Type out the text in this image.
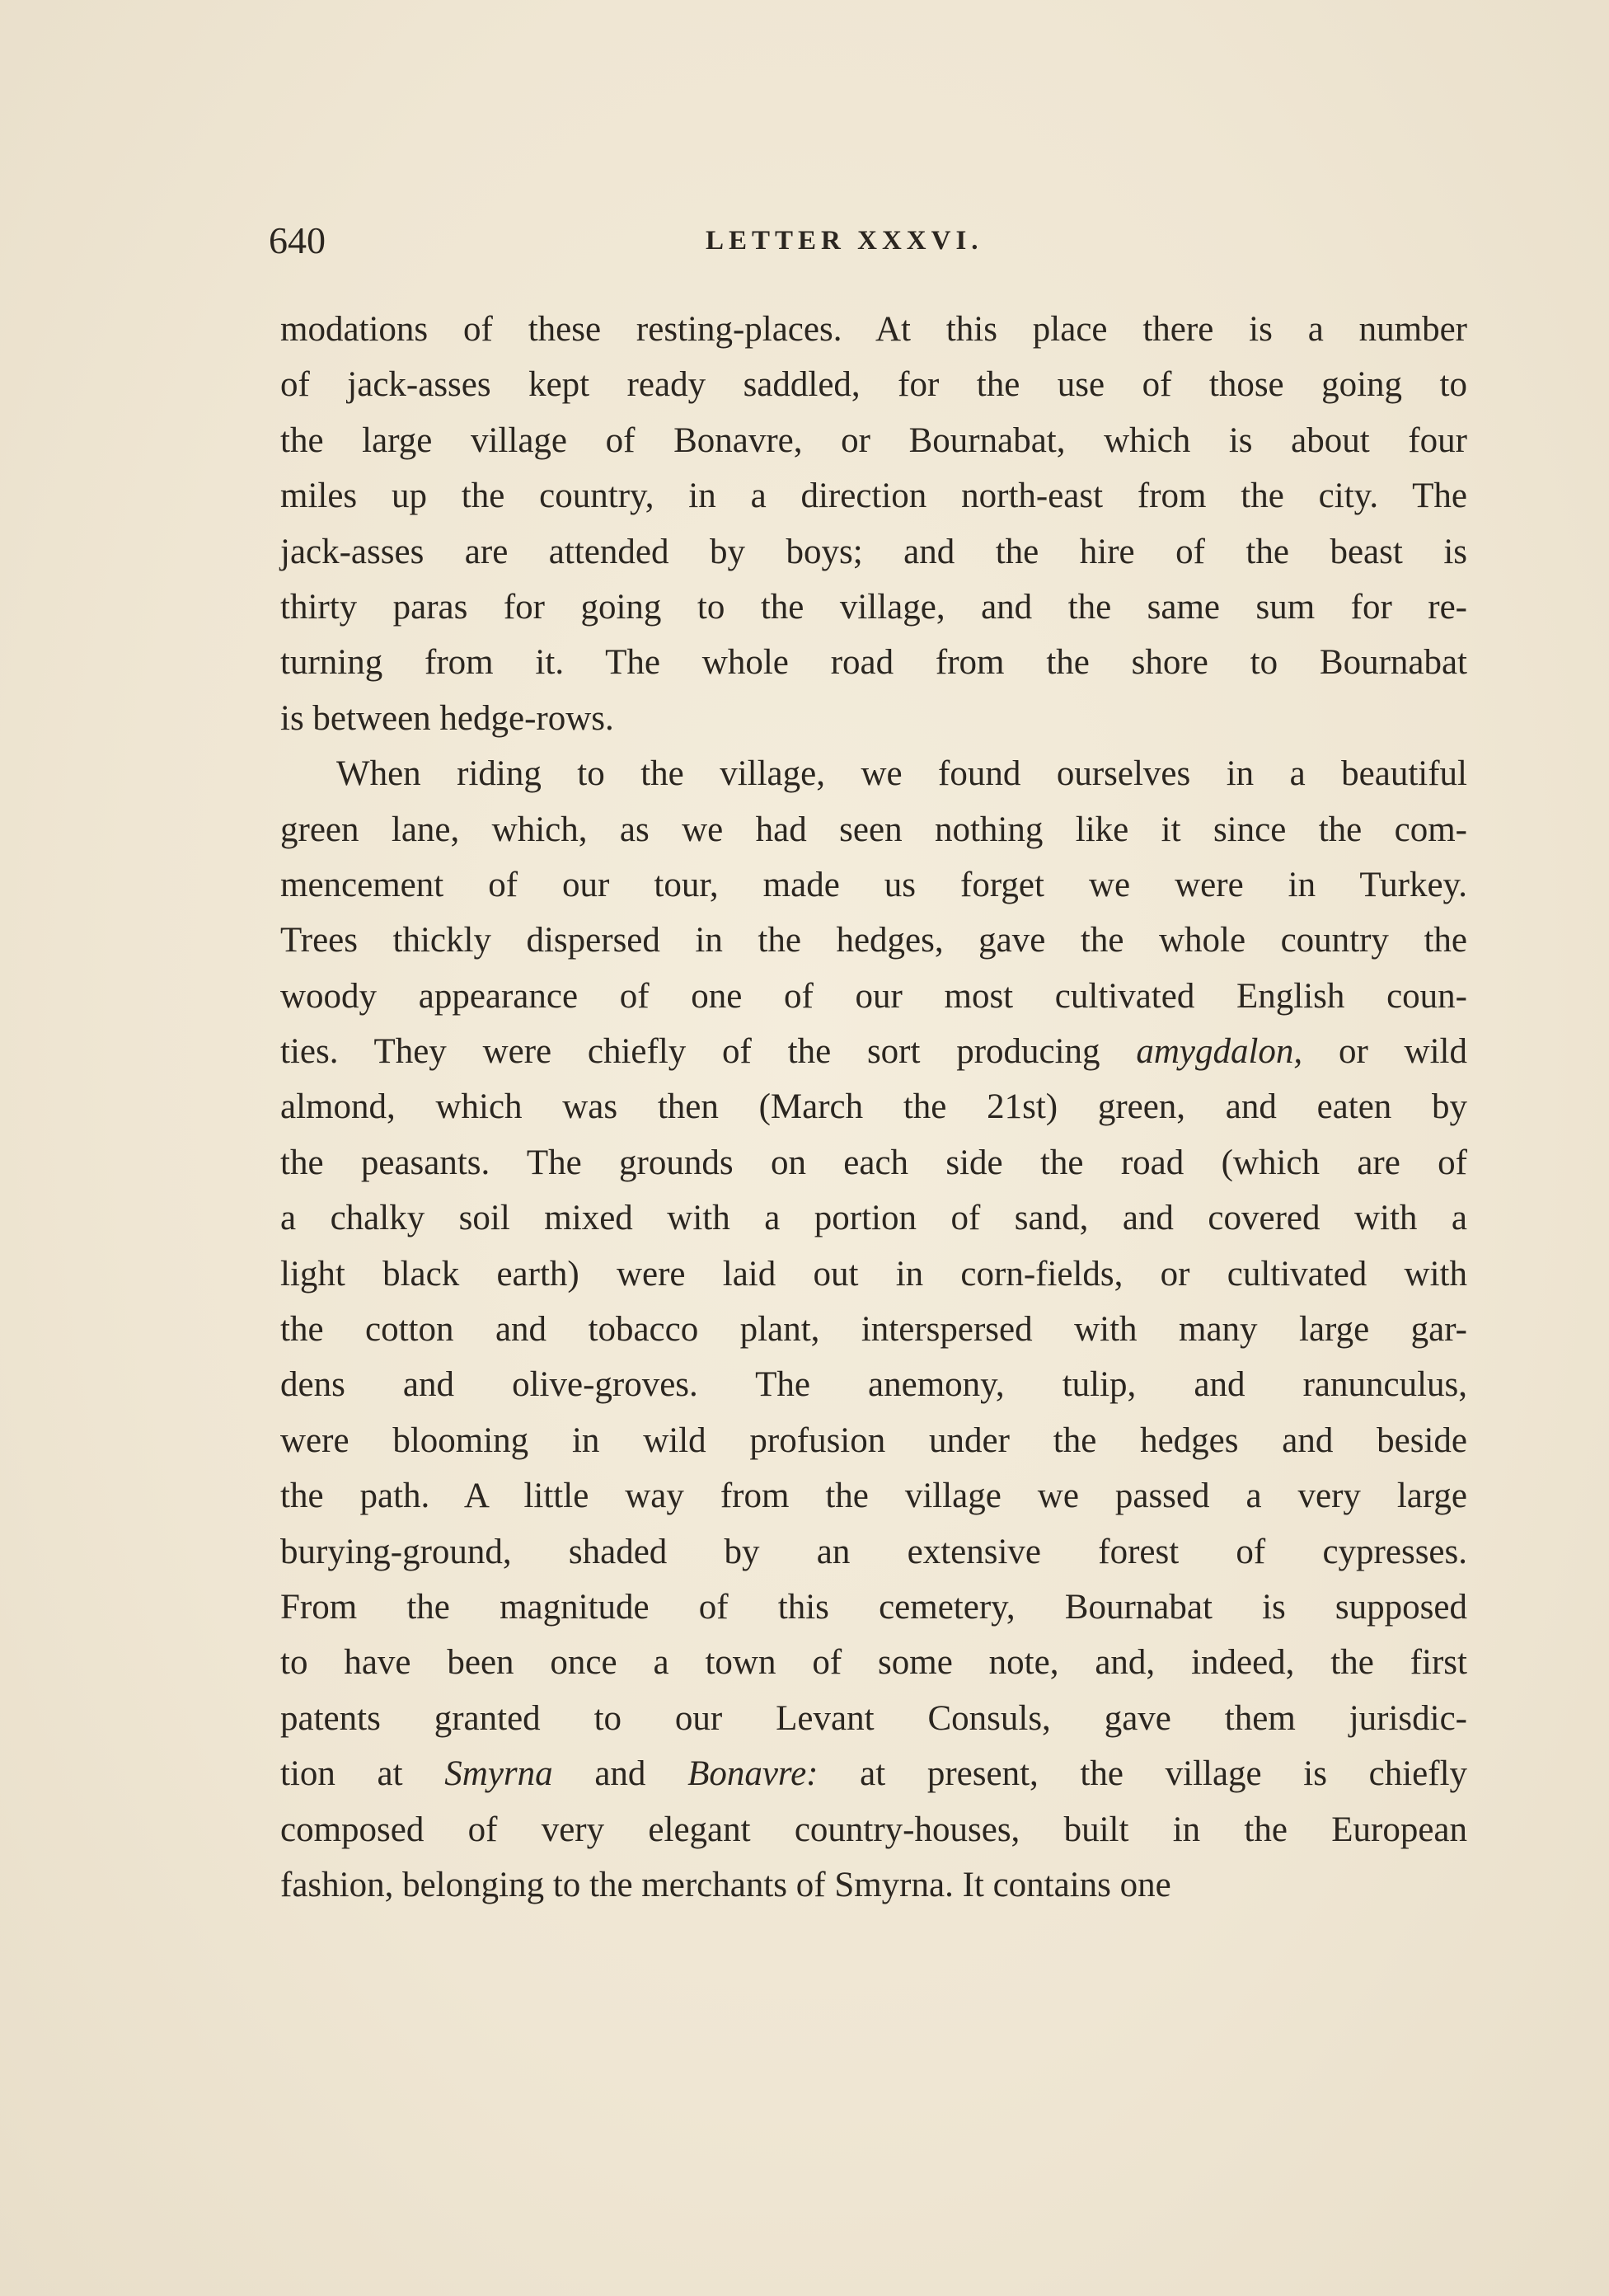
640	LETTER XXXVI.
modations of these resting-places. At this place there is a number
of jack-asses kept ready saddled, for the use of those going to
the large village of Bonavre, or Bournabat, which is about four
miles up the country, in a direction north-east from the city. The
jack-asses are attended by boys; and the hire of the beast is
thirty paras for going to the village, and the same sum for re-
turning from it. The whole road from the shore to Bournabat
is between hedge-rows.
When riding to the village, we found ourselves in a beautiful
green lane, which, as we had seen nothing like it since the com-
mencement of our tour, made us forget we were in Turkey.
Trees thickly dispersed in the hedges, gave the whole country the
woody appearance of one of our most cultivated English coun-
ties. They were chiefly of the sort producing amygdalon, or wild
almond, which was then (March the 21st) green, and eaten by
the peasants. The grounds on each side the road (which are of
a chalky soil mixed with a portion of sand, and covered with a
light black earth) were laid out in corn-fields, or cultivated with
the cotton and tobacco plant, interspersed with many large gar-
dens and olive-groves. The anemony, tulip, and ranunculus,
were blooming in wild profusion under the hedges and beside
the path. A little way from the village we passed a very large
burying-ground, shaded by an extensive forest of cypresses.
From the magnitude of this cemetery, Bournabat is supposed
to have been once a town of some note, and, indeed, the first
patents granted to our Levant Consuls, gave them jurisdic-
tion at Smyrna and Bonavre: at present, the village is chiefly
composed of very elegant country-houses, built in the European
fashion, belonging to the merchants of Smyrna. It contains one
